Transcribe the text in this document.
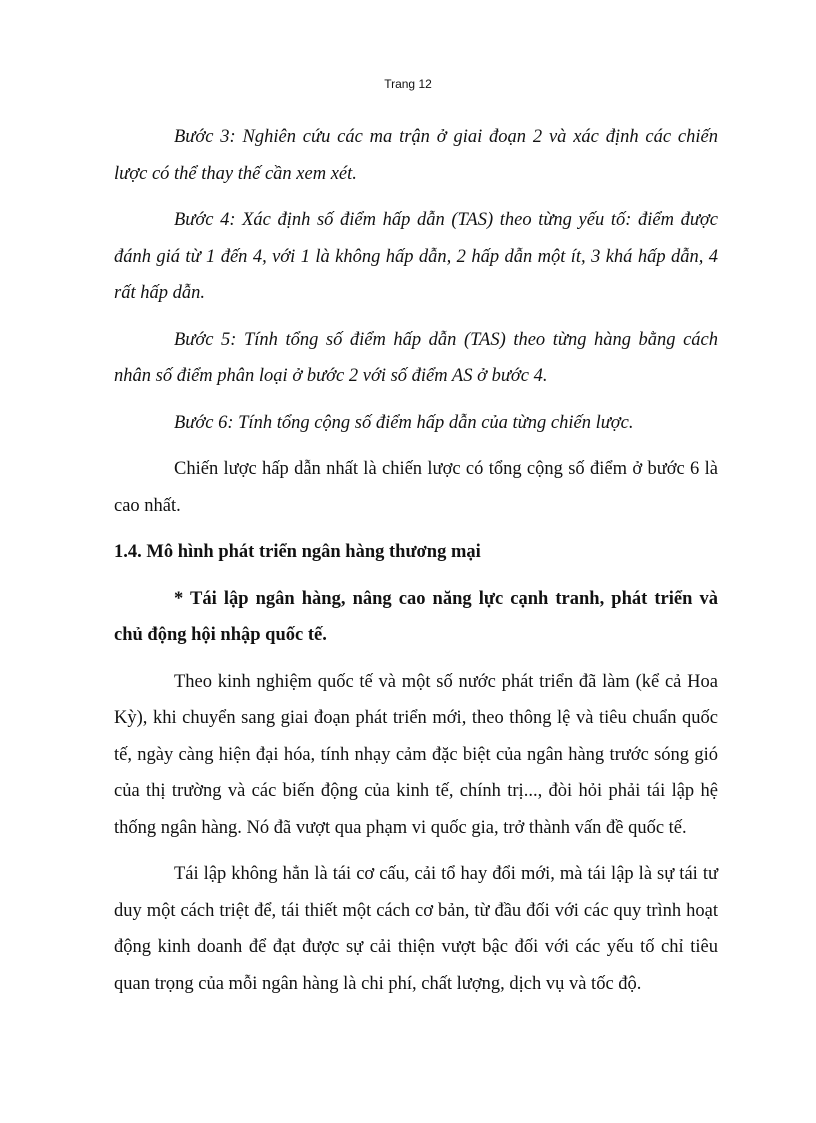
Trang 12

Bước 3: Nghiên cứu các ma trận ở giai đoạn 2 và xác định các chiến lược có thể thay thế cần xem xét.

Bước 4: Xác định số điểm hấp dẫn (TAS) theo từng yếu tố: điểm được đánh giá từ 1 đến 4, với 1 là không hấp dẫn, 2 hấp dẫn một ít, 3 khá hấp dẫn, 4 rất hấp dẫn.

Bước 5: Tính tổng số điểm hấp dẫn (TAS) theo từng hàng bằng cách nhân số điểm phân loại ở bước 2 với số điểm AS ở bước 4.

Bước 6: Tính tổng cộng số điểm hấp dẫn của từng chiến lược.

Chiến lược hấp dẫn nhất là chiến lược có tổng cộng số điểm ở bước 6 là cao nhất.

1.4. Mô hình phát triển ngân hàng thương mại

* Tái lập ngân hàng, nâng cao năng lực cạnh tranh, phát triển và chủ động hội nhập quốc tế.

Theo kinh nghiệm quốc tế và một số nước phát triển đã làm (kể cả Hoa Kỳ), khi chuyển sang giai đoạn phát triển mới, theo thông lệ và tiêu chuẩn quốc tế, ngày càng hiện đại hóa, tính nhạy cảm đặc biệt của ngân hàng trước sóng gió của thị trường và các biến động của kinh tế, chính trị..., đòi hỏi phải tái lập hệ thống ngân hàng. Nó đã vượt qua phạm vi quốc gia, trở thành vấn đề quốc tế.

Tái lập không hẳn là tái cơ cấu, cải tổ hay đổi mới, mà tái lập là sự tái tư duy một cách triệt để, tái thiết một cách cơ bản, từ đầu đối với các quy trình hoạt động kinh doanh để đạt được sự cải thiện vượt bậc đối với các yếu tố chỉ tiêu quan trọng của mỗi ngân hàng là chi phí, chất lượng, dịch vụ và tốc độ.
